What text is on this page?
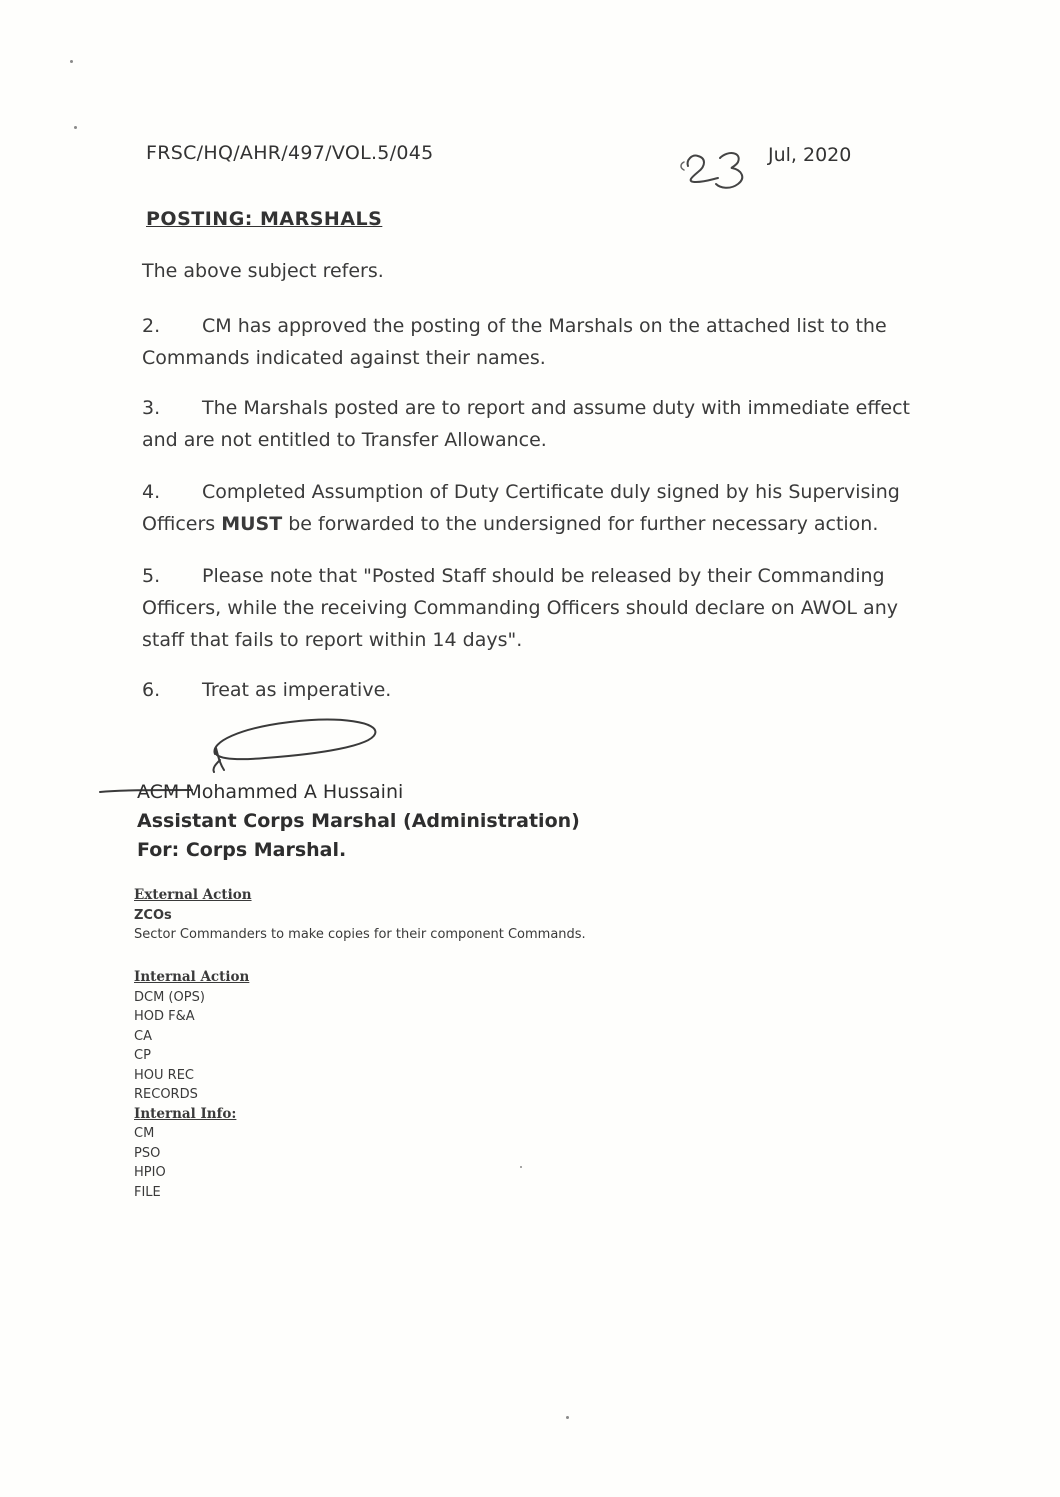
FRSC/HQ/AHR/497/VOL.5/045	Jul, 2020
POSTING: MARSHALS
The above subject refers.
2. CM has approved the posting of the Marshals on the attached list to the
Commands indicated against their names.
3. The Marshals posted are to report and assume duty with immediate effect
and are not entitled to Transfer Allowance.
4. Completed Assumption of Duty Certificate duly signed by his Supervising
Officers MUST be forwarded to the undersigned for further necessary action.
5. Please note that "Posted Staff should be released by their Commanding
Officers, while the receiving Commanding Officers should declare on AWOL any
staff that fails to report within 14 days".
6. Treat as imperative.
ACM Mohammed A Hussaini
Assistant Corps Marshal (Administration)
For: Corps Marshal.
External Action
ZCOs
Sector Commanders to make copies for their component Commands.
Internal Action
DCM (OPS)
HOD F&A
CA
CP
HOU REC
RECORDS
Internal Info:
CM
PSO
HPIO
FILE
